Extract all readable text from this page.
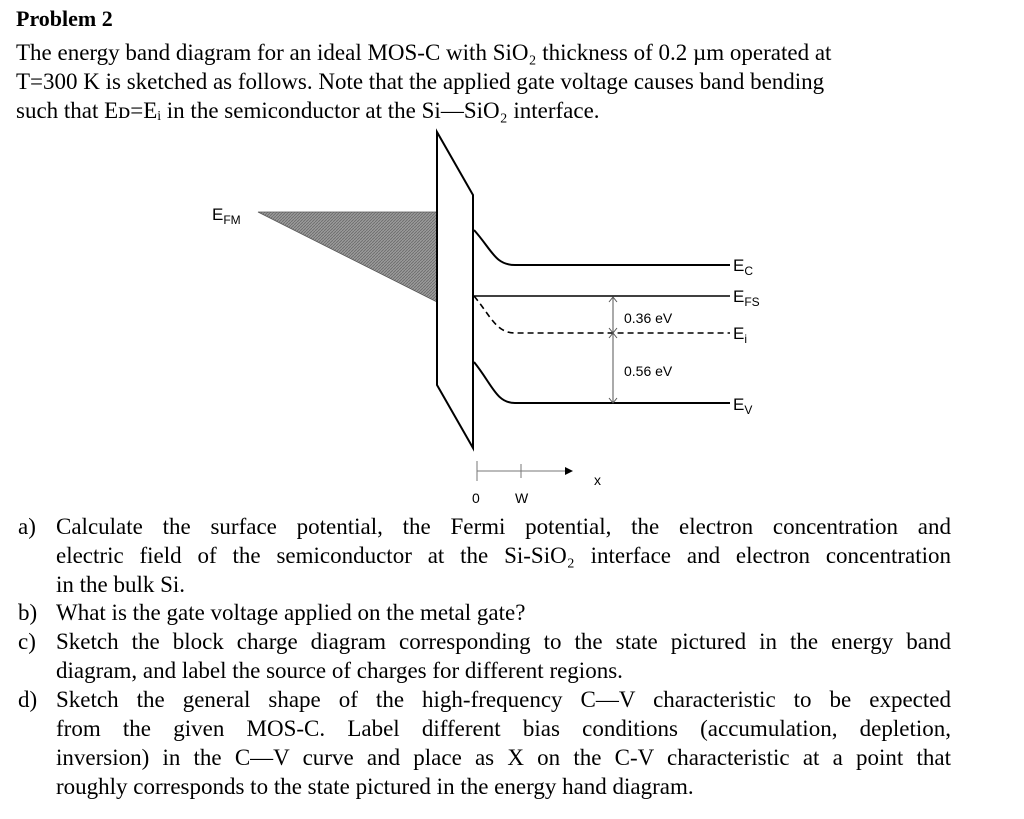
Problem 2
The energy band diagram for an ideal MOS-C with SiO₂ thickness of 0.2 µm operated at
T=300 K is sketched as follows. Note that the applied gate voltage causes band bending
such that Eᴅ=Eᵢ in the semiconductor at the Si—SiO₂ interface.
$E_{FM}$
$E_C$
$E_{FS}$
$E_i$
$E_V$
0.36 eV
0.56 eV
x
0	W
a) Calculate the surface potential, the Fermi potential, the electron concentration and
electric field of the semiconductor at the Si-SiO₂ interface and electron concentration
in the bulk Si.
b) What is the gate voltage applied on the metal gate?
c) Sketch the block charge diagram corresponding to the state pictured in the energy band
diagram, and label the source of charges for different regions.
d) Sketch the general shape of the high-frequency C—V characteristic to be expected
from the given MOS-C. Label different bias conditions (accumulation, depletion,
inversion) in the C—V curve and place as X on the C-V characteristic at a point that
roughly corresponds to the state pictured in the energy hand diagram.
